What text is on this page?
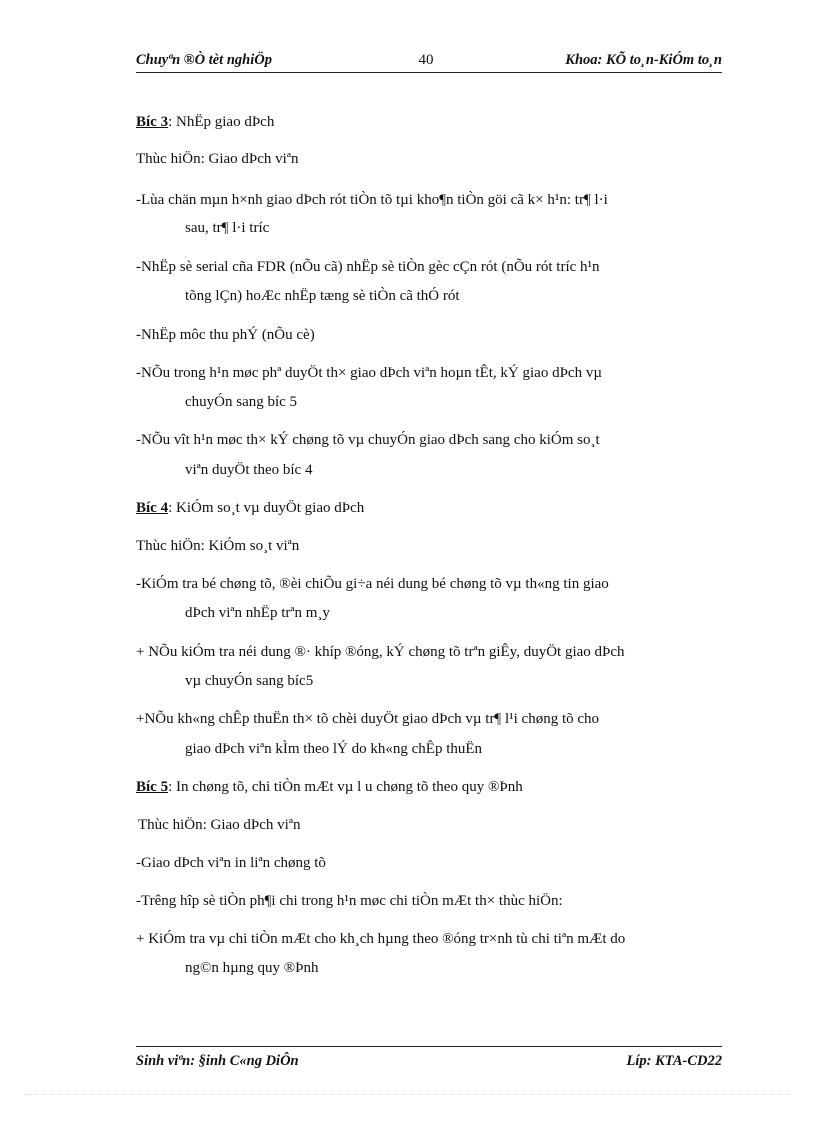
Chuyªn ®Ò tèt nghiÖp	40	Khoa: KÕ to¸n-KiÓm to¸n
Bíc 3: NhËp giao dÞch
Thùc hiÖn: Giao dÞch viªn
-Lùa chän mµn h×nh giao dÞch rót tiÒn tõ tµi kho¶n tiÒn göi cã k× h¹n: tr¶ l·i
sau, tr¶ l·i tríc
-NhËp sè serial cña FDR (nÕu cã) nhËp sè tiÒn gèc cÇn rót (nÕu rót tríc h¹n
tõng lÇn) hoÆc nhËp tæng sè tiÒn cã thÓ rót
-NhËp môc thu phÝ (nÕu cè)
-NÕu trong h¹n møc phª duyÖt th× giao dÞch viªn hoµn tÊt, kÝ giao dÞch vµ
chuyÓn sang bíc 5
-NÕu vît h¹n møc th× kÝ chøng tõ vµ chuyÓn giao dÞch sang cho kiÓm so¸t
viªn duyÖt theo bíc 4
Bíc 4: KiÓm so¸t vµ duyÖt giao dÞch
Thùc hiÖn: KiÓm so¸t viªn
-KiÓm tra bé chøng tõ, ®èi chiÕu gi÷a néi dung bé chøng tõ vµ th«ng tin giao
dÞch viªn nhËp trªn m¸y
+ NÕu kiÓm tra néi dung ®· khíp ®óng, kÝ chøng tõ trªn giÊy, duyÖt giao dÞch
vµ chuyÓn sang bíc5
+NÕu kh«ng chÊp thuËn th× tõ chèi duyÖt giao dÞch vµ tr¶ l¹i chøng tõ cho
giao dÞch viªn kÌm theo lÝ do kh«ng chÊp thuËn
Bíc 5: In chøng tõ, chi tiÒn mÆt vµ l u chøng tõ theo quy ®Þnh
Thùc hiÖn: Giao dÞch viªn
-Giao dÞch viªn in liªn chøng tõ
-Trêng hîp sè tiÒn ph¶i chi trong h¹n møc chi tiÒn mÆt th× thùc hiÖn:
+ KiÓm tra vµ chi tiÒn mÆt cho kh¸ch hµng theo ®óng tr×nh tù chi tiªn mÆt do
ng©n hµng quy ®Þnh
Sinh viªn: §inh C«ng DiÔn	Líp: KTA-CD22
